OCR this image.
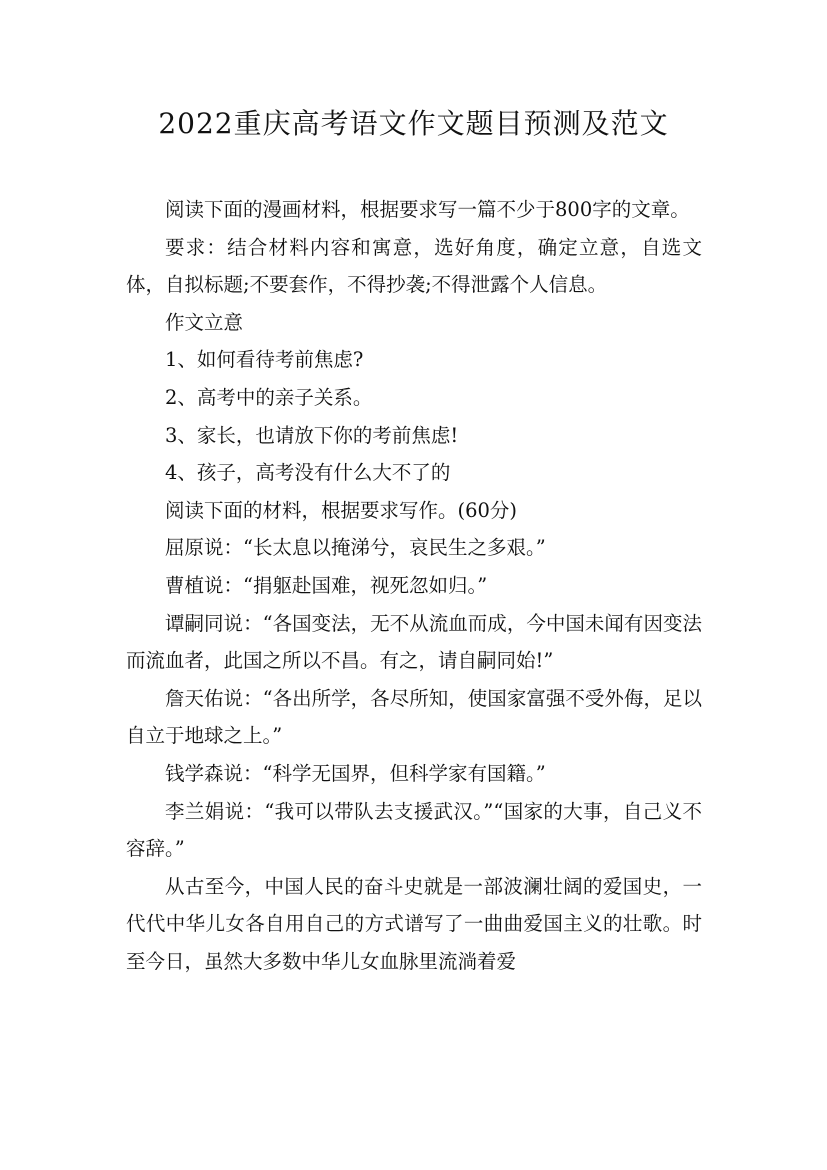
2022重庆高考语文作文题目预测及范文

阅读下面的漫画材料，根据要求写一篇不少于800字的文章。

要求：结合材料内容和寓意，选好角度，确定立意，自选文体，自拟标题;不要套作，不得抄袭;不得泄露个人信息。

作文立意

1、如何看待考前焦虑?

2、高考中的亲子关系。

3、家长，也请放下你的考前焦虑!

4、孩子，高考没有什么大不了的

阅读下面的材料，根据要求写作。(60分)

屈原说：“长太息以掩涕兮，哀民生之多艰。”

曹植说：“捐躯赴国难，视死忽如归。”

谭嗣同说：“各国变法，无不从流血而成，今中国未闻有因变法而流血者，此国之所以不昌。有之，请自嗣同始!”

詹天佑说：“各出所学，各尽所知，使国家富强不受外侮，足以自立于地球之上。”

钱学森说：“科学无国界，但科学家有国籍。”

李兰娟说：“我可以带队去支援武汉。”“国家的大事，自己义不容辞。”

从古至今，中国人民的奋斗史就是一部波澜壮阔的爱国史，一代代中华儿女各自用自己的方式谱写了一曲曲爱国主义的壮歌。时至今日，虽然大多数中华儿女血脉里流淌着爱
